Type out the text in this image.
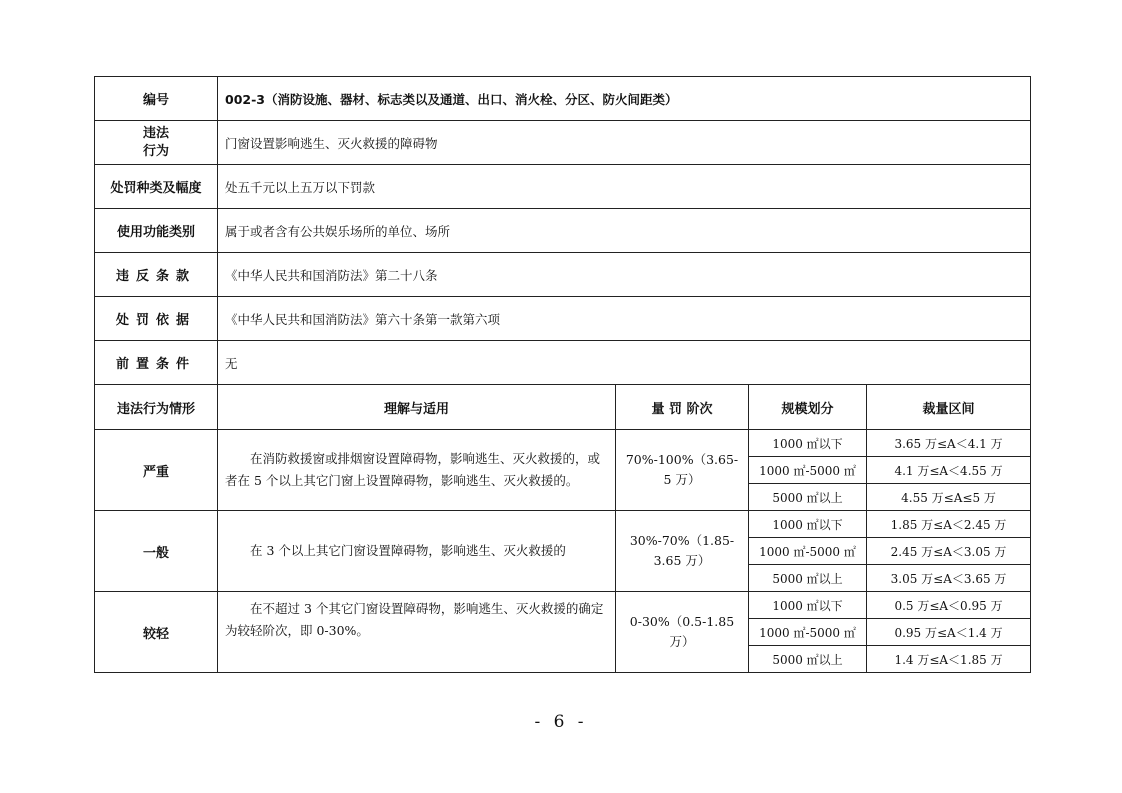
编号	002-3（消防设施、器材、标志类以及通道、出口、消火栓、分区、防火间距类）			

违法
行为	门窗设置影响逃生、灭火救援的障碍物			
处罚种类及幅度	处五千元以上五万以下罚款			
使用功能类别	属于或者含有公共娱乐场所的单位、场所			
违反条款	《中华人民共和国消防法》第二十八条			
处罚依据	《中华人民共和国消防法》第六十条第一款第六项			
前置条件	无			
违法行为情形	理解与适用	量 罚 阶次	规模划分	裁量区间
严重	在消防救援窗或排烟窗设置障碍物，影响逃生、灭火救援的，或者在 5 个以上其它门窗上设置障碍物，影响逃生、灭火救援的。	70%-100%（3.65-5 万）	1000 ㎡以下	3.65 万≤A＜4.1 万
			1000 ㎡-5000 ㎡	4.1 万≤A＜4.55 万
			5000 ㎡以上	4.55 万≤A≤5 万
一般	在 3 个以上其它门窗设置障碍物，影响逃生、灭火救援的	30%-70%（1.85-3.65 万）	1000 ㎡以下	1.85 万≤A＜2.45 万
			1000 ㎡-5000 ㎡	2.45 万≤A＜3.05 万
			5000 ㎡以上	3.05 万≤A＜3.65 万
较轻	在不超过 3 个其它门窗设置障碍物，影响逃生、灭火救援的确定为较轻阶次，即 0-30%。	0-30%（0.5-1.85 万）	1000 ㎡以下	0.5 万≤A＜0.95 万
			1000 ㎡-5000 ㎡	0.95 万≤A＜1.4 万
			5000 ㎡以上	1.4 万≤A＜1.85 万
- 6 -
